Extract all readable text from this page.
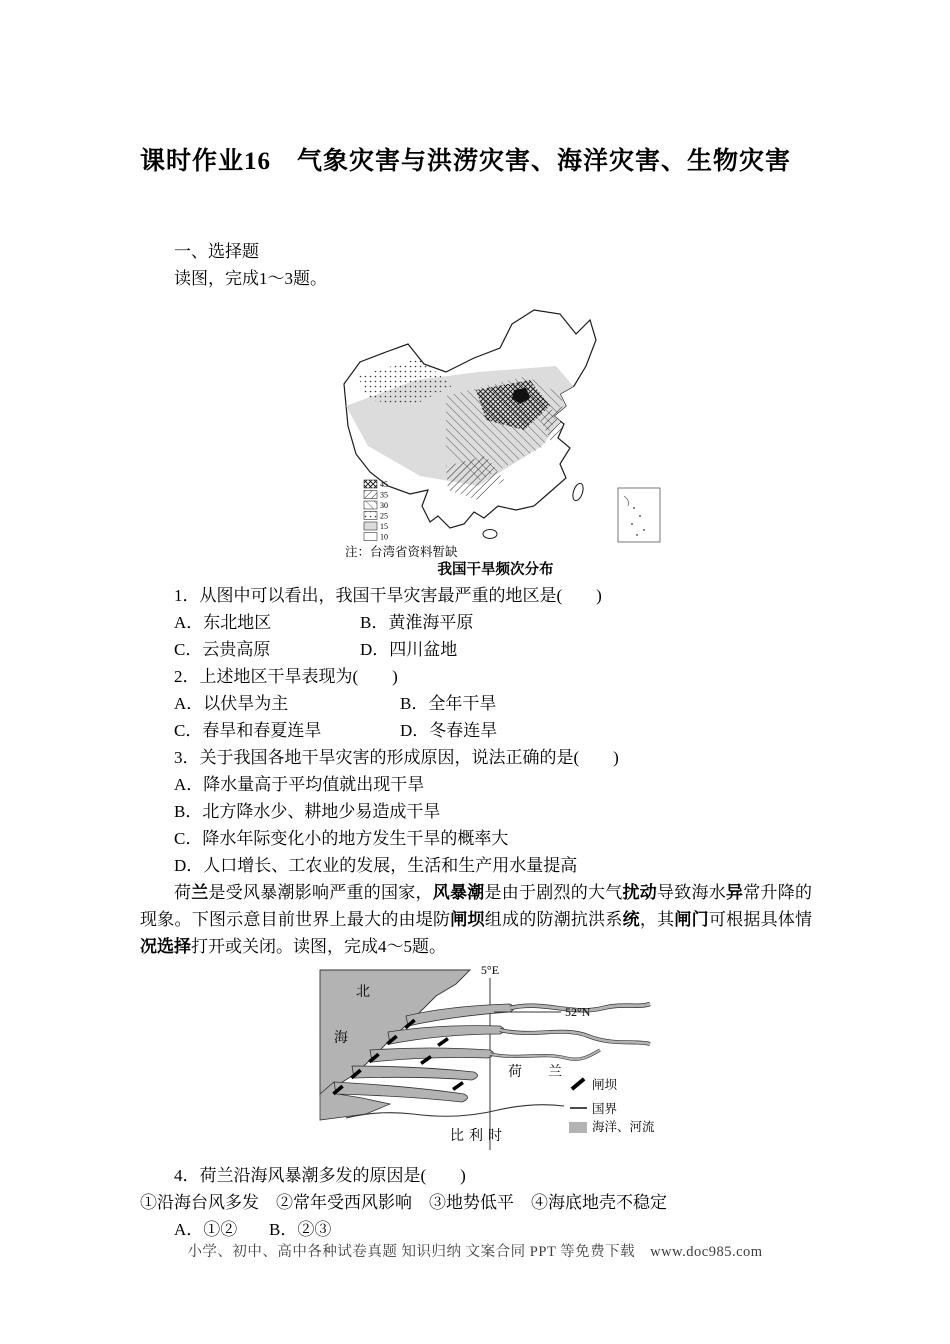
课时作业16　气象灾害与洪涝灾害、海洋灾害、生物灾害

一、选择题

读图，完成1～3题。

45
35
30
25
15
10
注：台湾省资料暂缺
我国干旱频次分布

1．从图中可以看出，我国干旱灾害最严重的地区是(　　)

A．东北地区	B．黄淮海平原

C．云贵高原	D．四川盆地

2．上述地区干旱表现为(　　)

A．以伏旱为主	B．全年干旱

C．春旱和春夏连旱	D．冬春连旱

3．关于我国各地干旱灾害的形成原因，说法正确的是(　　)

A．降水量高于平均值就出现干旱

B．北方降水少、耕地少易造成干旱

C．降水年际变化小的地方发生干旱的概率大

D．人口增长、工农业的发展，生活和生产用水量提高

荷兰是受风暴潮影响严重的国家，风暴潮是由于剧烈的大气扰动导致海水异常升降的现象。下图示意目前世界上最大的由堤防闸坝组成的防潮抗洪系统，其闸门可根据具体情况选择打开或关闭。读图，完成4～5题。

5°E
52°N
北
海
荷 兰
比利时
闸坝
国界
海洋、河流

4．荷兰沿海风暴潮多发的原因是(　　)

①沿海台风多发　②常年受西风影响　③地势低平　④海底地壳不稳定

A．①② B．②③

小学、初中、高中各种试卷真题 知识归纳 文案合同 PPT 等免费下载　www.doc985.com
